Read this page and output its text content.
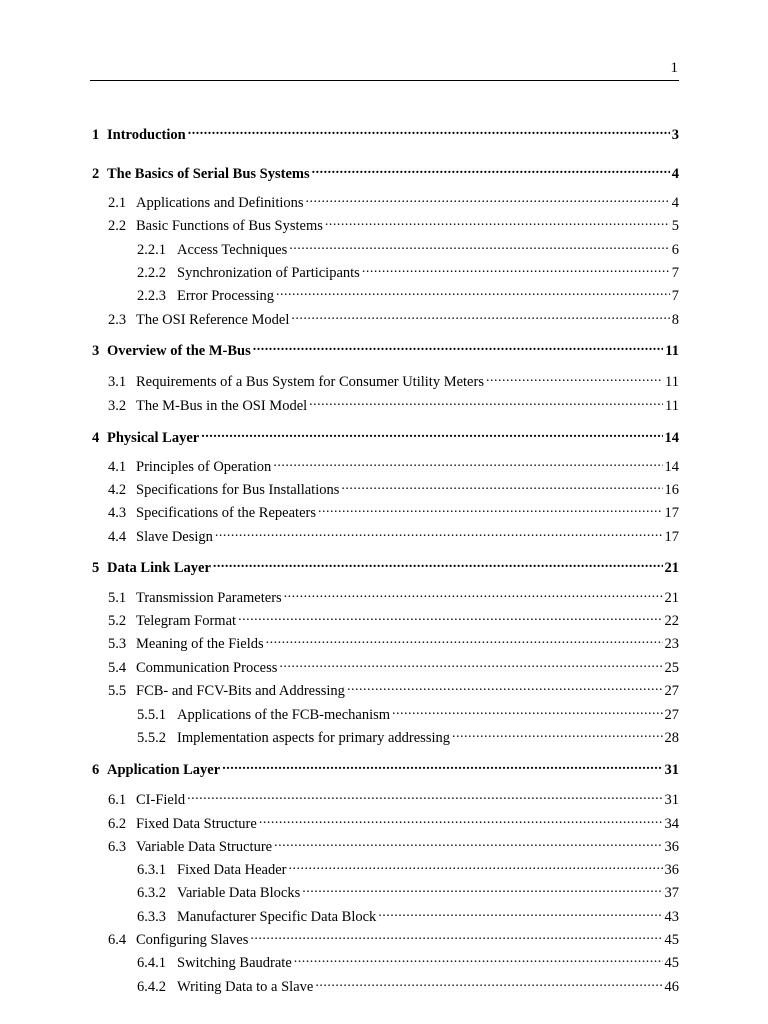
1
1 Introduction .....	3
2 The Basics of Serial Bus Systems .....	4
2.1 Applications and Definitions .....	4
2.2 Basic Functions of Bus Systems .....	5
2.2.1 Access Techniques .....	6
2.2.2 Synchronization of Participants .....	7
2.2.3 Error Processing .....	7
2.3 The OSI Reference Model .....	8
3 Overview of the M-Bus .....	11
3.1 Requirements of a Bus System for Consumer Utility Meters .....	11
3.2 The M-Bus in the OSI Model .....	11
4 Physical Layer .....	14
4.1 Principles of Operation .....	14
4.2 Specifications for Bus Installations .....	16
4.3 Specifications of the Repeaters .....	17
4.4 Slave Design .....	17
5 Data Link Layer .....	21
5.1 Transmission Parameters .....	21
5.2 Telegram Format .....	22
5.3 Meaning of the Fields .....	23
5.4 Communication Process .....	25
5.5 FCB- and FCV-Bits and Addressing .....	27
5.5.1 Applications of the FCB-mechanism .....	27
5.5.2 Implementation aspects for primary addressing .....	28
6 Application Layer .....	31
6.1 CI-Field .....	31
6.2 Fixed Data Structure .....	34
6.3 Variable Data Structure .....	36
6.3.1 Fixed Data Header .....	36
6.3.2 Variable Data Blocks .....	37
6.3.3 Manufacturer Specific Data Block .....	43
6.4 Configuring Slaves .....	45
6.4.1 Switching Baudrate .....	45
6.4.2 Writing Data to a Slave .....	46
